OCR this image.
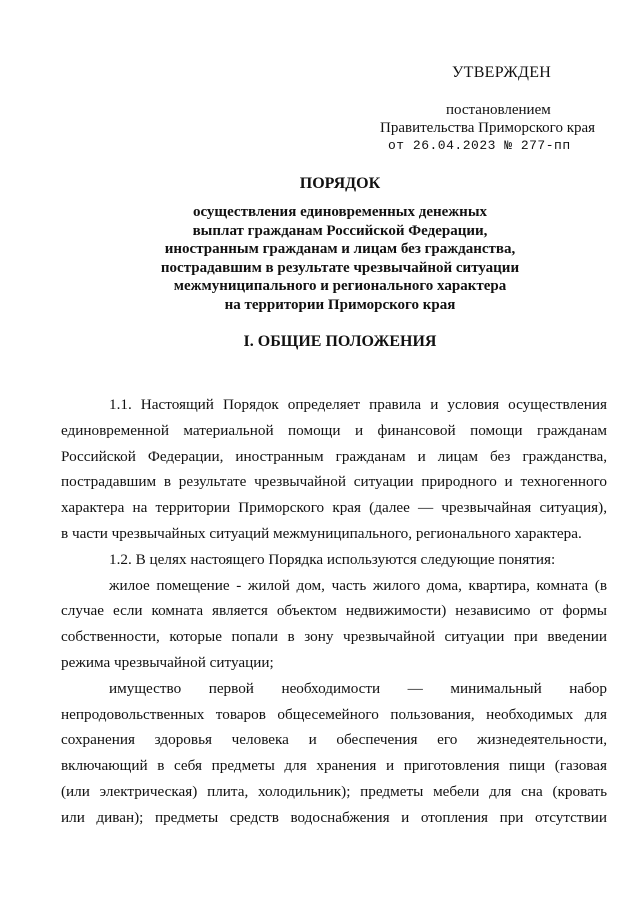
УТВЕРЖДЕН
постановлением
Правительства Приморского края
от 26.04.2023 № 277-пп
ПОРЯДОК
осуществления единовременных денежных
выплат гражданам Российской Федерации,
иностранным гражданам и лицам без гражданства,
пострадавшим в результате чрезвычайной ситуации
межмуниципального и регионального характера
на территории Приморского края
I. ОБЩИЕ ПОЛОЖЕНИЯ
1.1. Настоящий Порядок определяет правила и условия осуществления
единовременной материальной помощи и финансовой помощи гражданам
Российской Федерации, иностранным гражданам и лицам без гражданства,
пострадавшим в результате чрезвычайной ситуации природного и техногенного
характера на территории Приморского края (далее — чрезвычайная ситуация),
в части чрезвычайных ситуаций межмуниципального, регионального характера.
1.2. В целях настоящего Порядка используются следующие понятия:
жилое помещение - жилой дом, часть жилого дома, квартира, комната (в
случае если комната является объектом недвижимости) независимо от формы
собственности, которые попали в зону чрезвычайной ситуации при введении
режима чрезвычайной ситуации;
имущество первой необходимости — минимальный набор
непродовольственных товаров общесемейного пользования, необходимых для
сохранения здоровья человека и обеспечения его жизнедеятельности,
включающий в себя предметы для хранения и приготовления пищи (газовая
(или электрическая) плита, холодильник); предметы мебели для сна (кровать
или диван); предметы средств водоснабжения и отопления при отсутствии
